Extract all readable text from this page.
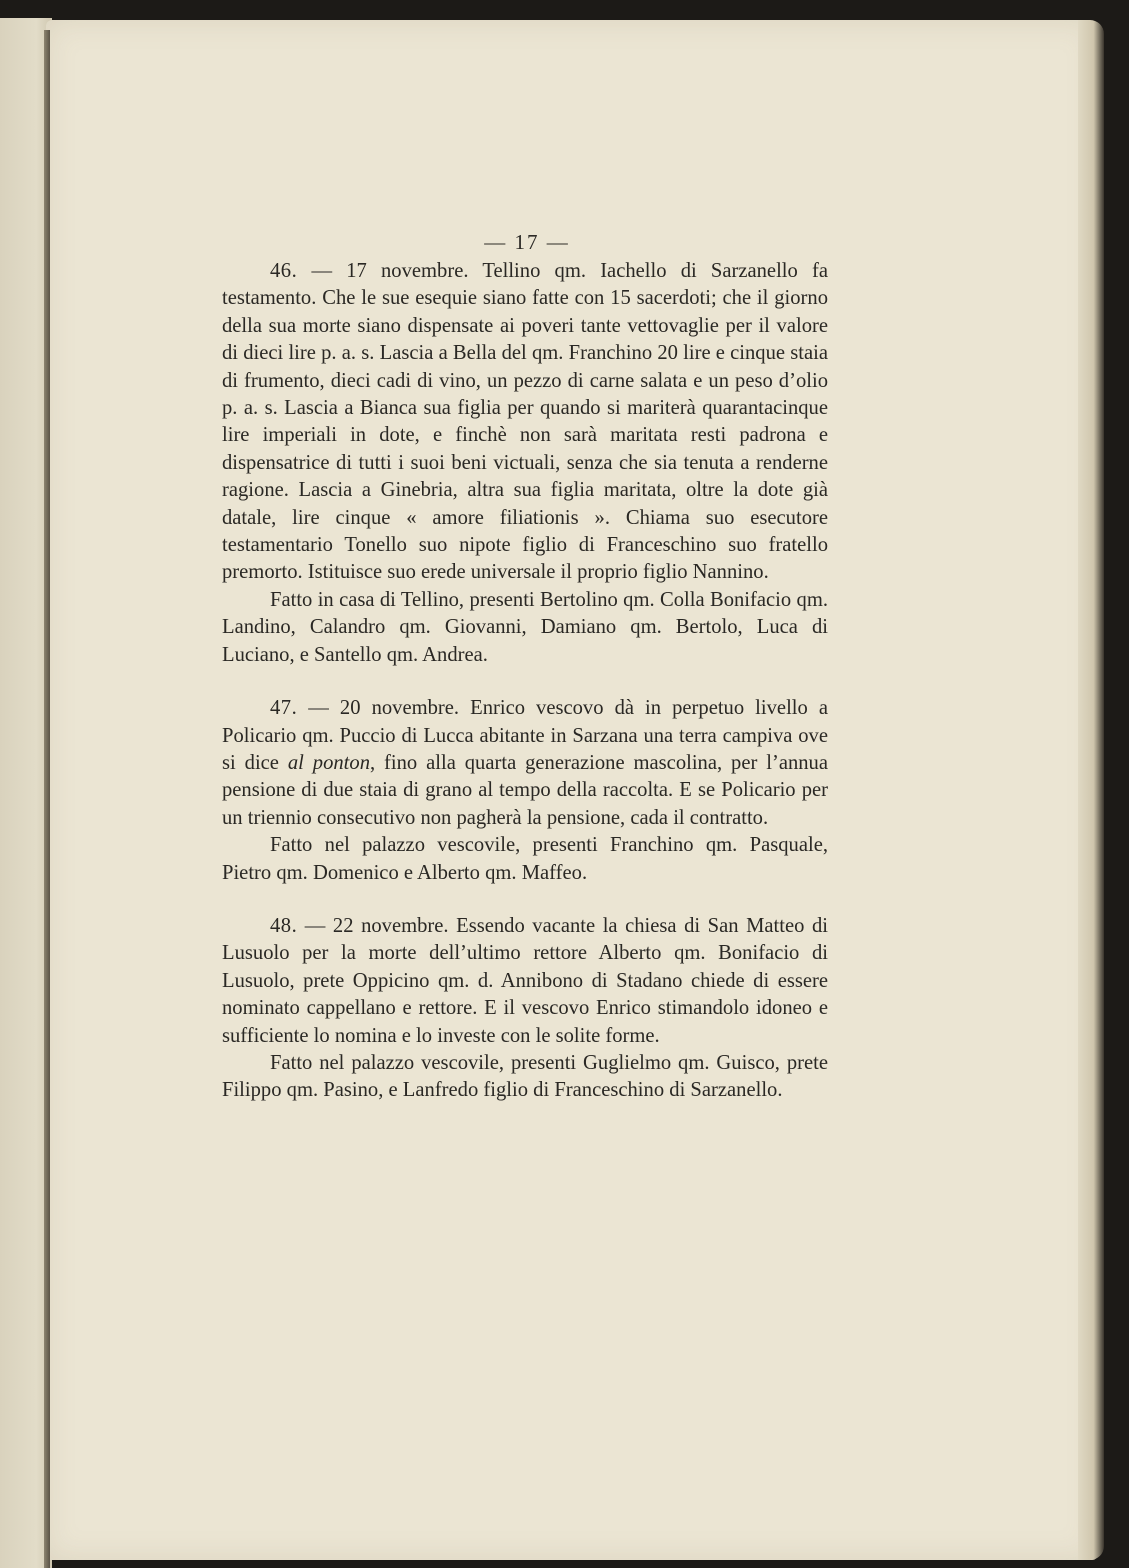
— 17 —

46. — 17 novembre. Tellino qm. Iachello di Sarzanello fa testamento. Che le sue esequie siano fatte con 15 sacerdoti; che il giorno della sua morte siano dispensate ai poveri tante vettovaglie per il valore di dieci lire p. a. s. Lascia a Bella del qm. Franchino 20 lire e cinque staia di frumento, dieci cadi di vino, un pezzo di carne salata e un peso d’olio p. a. s. Lascia a Bianca sua figlia per quando si mariterà quarantacinque lire imperiali in dote, e finchè non sarà maritata resti padrona e dispensatrice di tutti i suoi beni victuali, senza che sia tenuta a renderne ragione. Lascia a Ginebria, altra sua figlia maritata, oltre la dote già datale, lire cinque « amore filiationis ». Chiama suo esecutore testamentario Tonello suo nipote figlio di Franceschino suo fratello premorto. Istituisce suo erede universale il proprio figlio Nannino.

Fatto in casa di Tellino, presenti Bertolino qm. Colla Bonifacio qm. Landino, Calandro qm. Giovanni, Damiano qm. Bertolo, Luca di Luciano, e Santello qm. Andrea.

47. — 20 novembre. Enrico vescovo dà in perpetuo livello a Policario qm. Puccio di Lucca abitante in Sarzana una terra campiva ove si dice al ponton, fino alla quarta generazione mascolina, per l’annua pensione di due staia di grano al tempo della raccolta. E se Policario per un triennio consecutivo non pagherà la pensione, cada il contratto.

Fatto nel palazzo vescovile, presenti Franchino qm. Pasquale, Pietro qm. Domenico e Alberto qm. Maffeo.

48. — 22 novembre. Essendo vacante la chiesa di San Matteo di Lusuolo per la morte dell’ultimo rettore Alberto qm. Bonifacio di Lusuolo, prete Oppicino qm. d. Annibono di Stadano chiede di essere nominato cappellano e rettore. E il vescovo Enrico stimandolo idoneo e sufficiente lo nomina e lo investe con le solite forme.

Fatto nel palazzo vescovile, presenti Guglielmo qm. Guisco, prete Filippo qm. Pasino, e Lanfredo figlio di Franceschino di Sarzanello.
